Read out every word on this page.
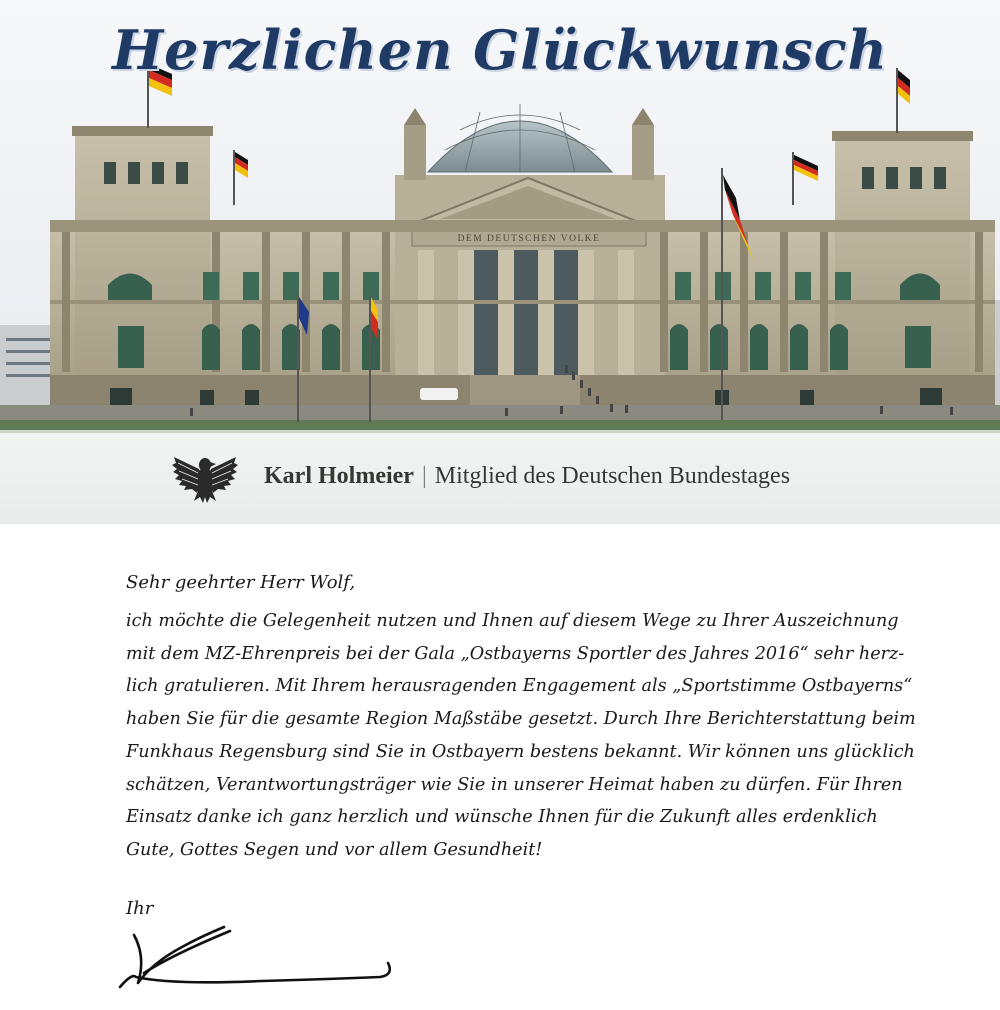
DEM DEUTSCHEN VOLKE
Herzlichen Glückwunsch
Karl Holmeier | Mitglied des Deutschen Bundestages
Sehr geehrter Herr Wolf,
ich möchte die Gelegenheit nutzen und Ihnen auf diesem Wege zu Ihrer Auszeichnung
mit dem MZ-Ehrenpreis bei der Gala „Ostbayerns Sportler des Jahres 2016“ sehr herz-
lich gratulieren. Mit Ihrem herausragenden Engagement als „Sportstimme Ostbayerns“
haben Sie für die gesamte Region Maßstäbe gesetzt. Durch Ihre Berichterstattung beim
Funkhaus Regensburg sind Sie in Ostbayern bestens bekannt. Wir können uns glücklich
schätzen, Verantwortungsträger wie Sie in unserer Heimat haben zu dürfen. Für Ihren
Einsatz danke ich ganz herzlich und wünsche Ihnen für die Zukunft alles erdenklich
Gute, Gottes Segen und vor allem Gesundheit!
Ihr
